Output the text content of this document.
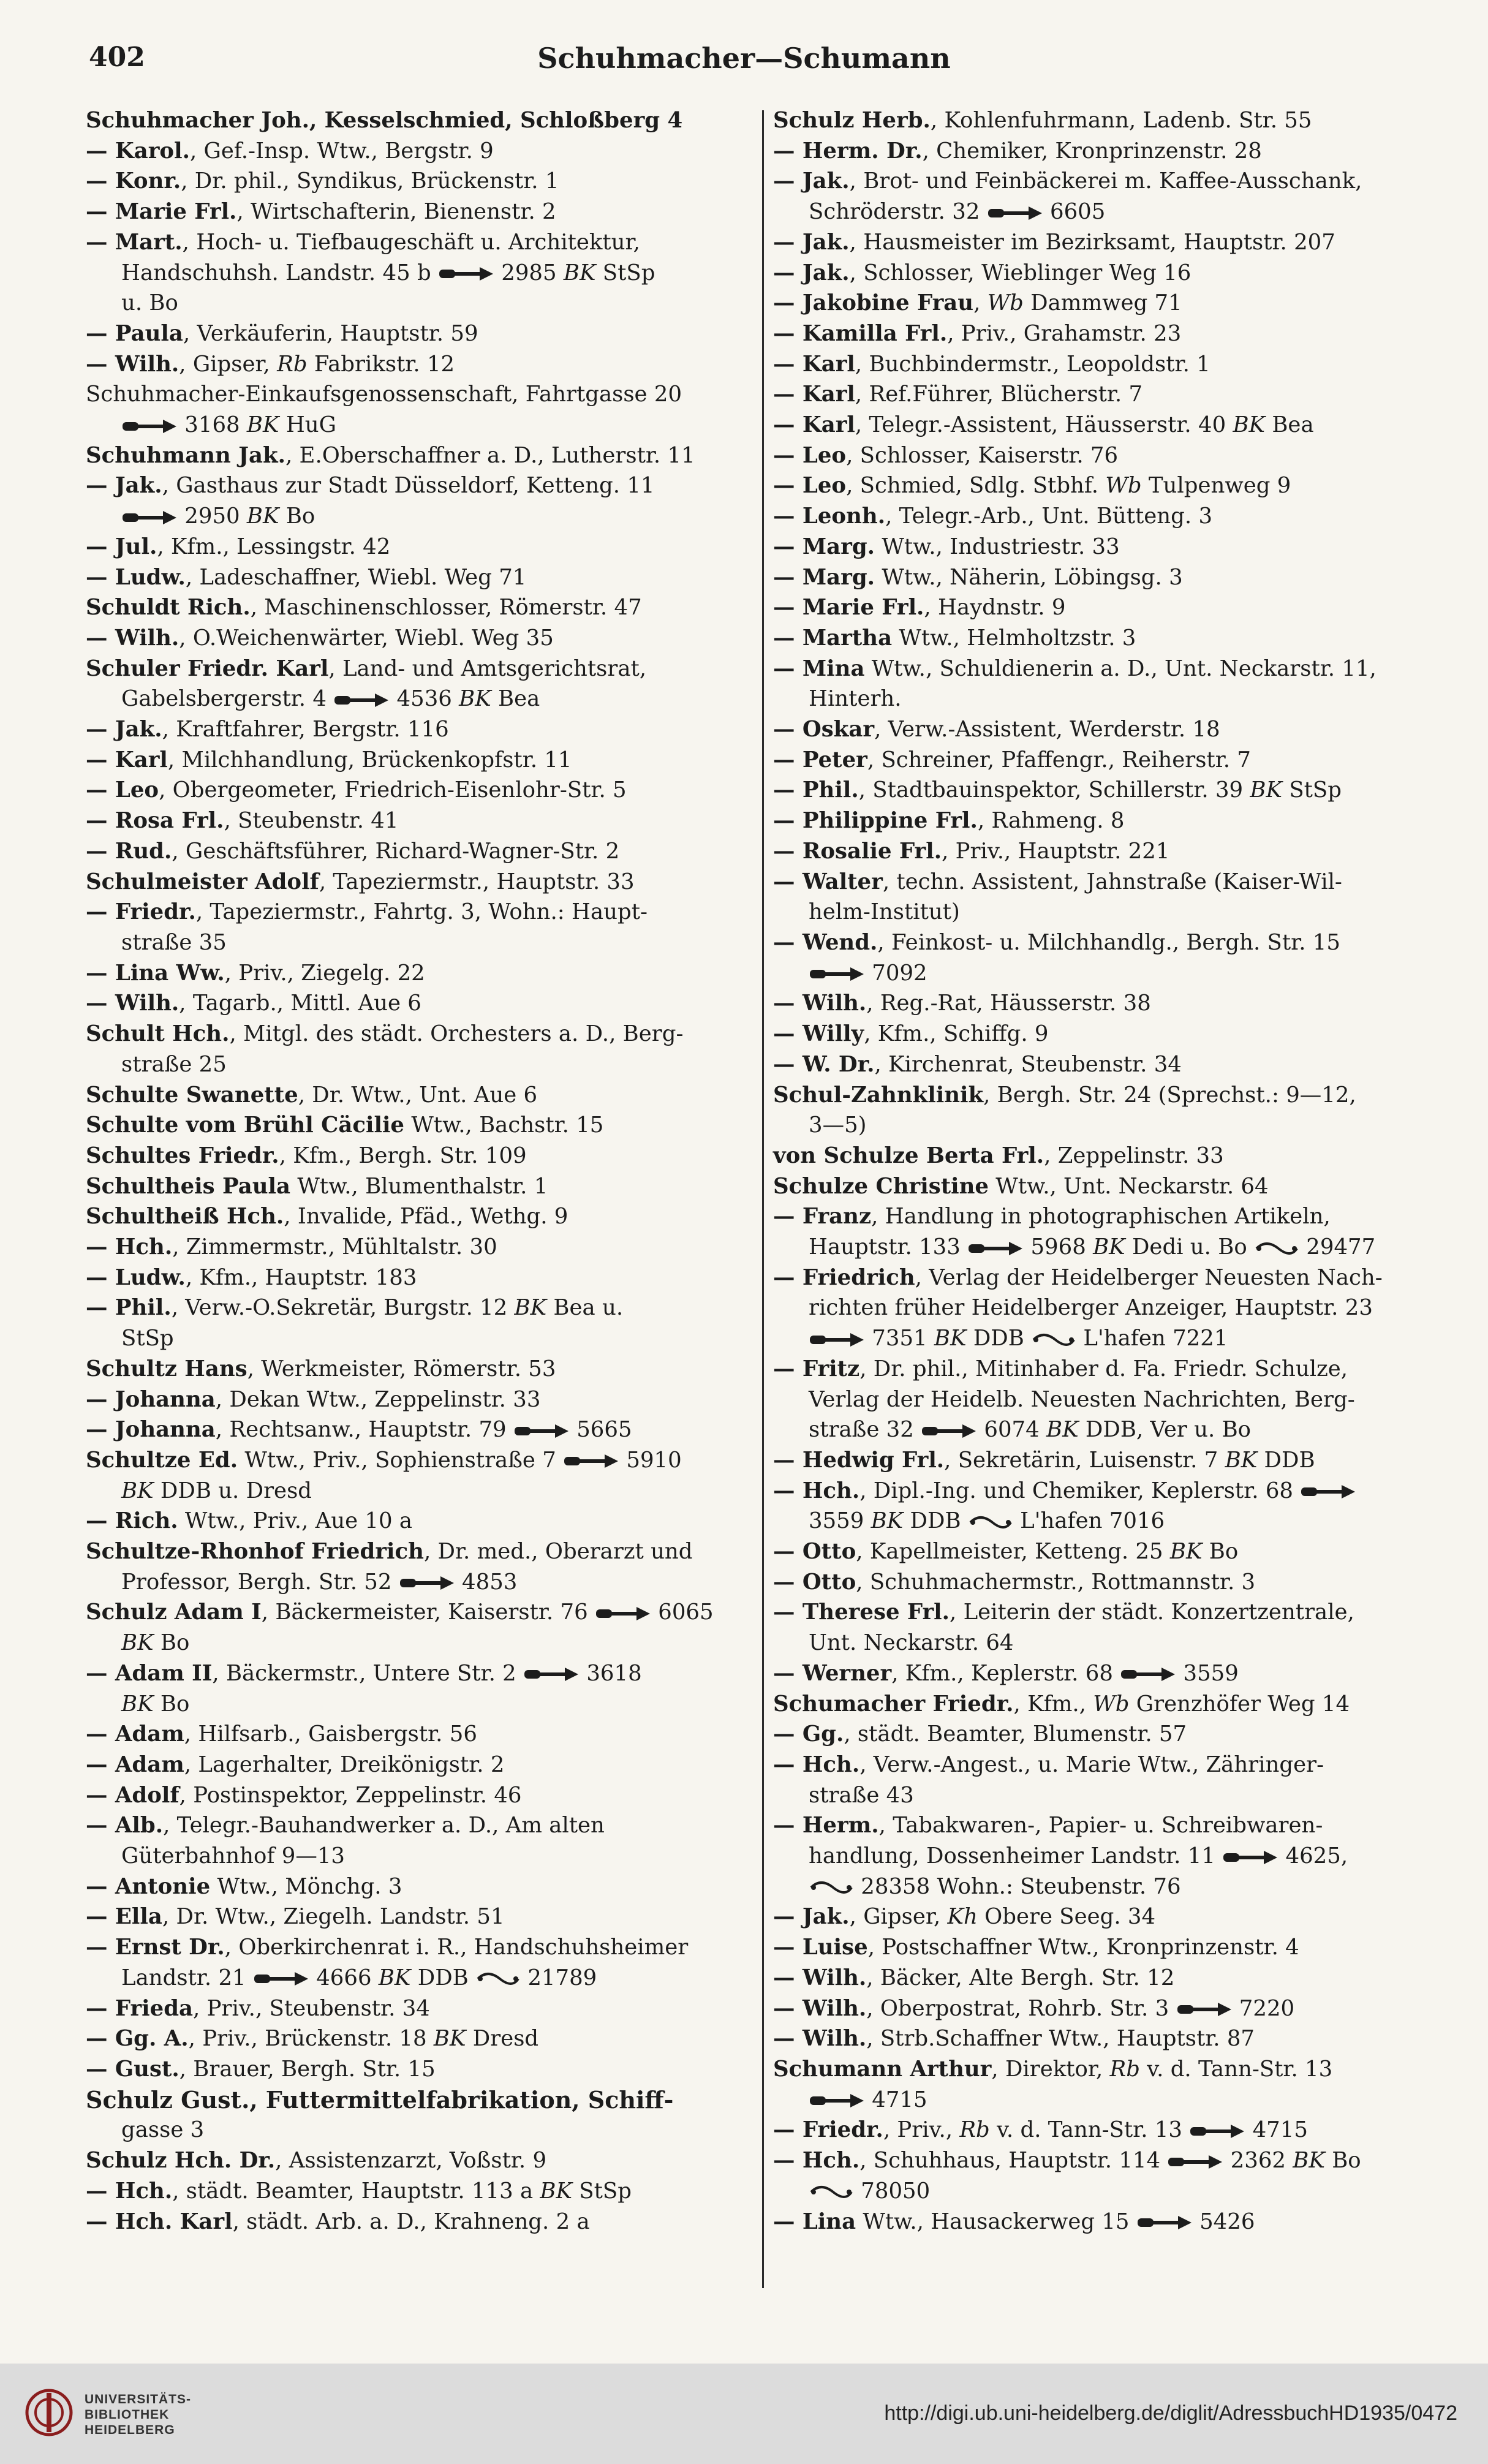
402	Schuhmacher—Schumann
Schuhmacher Joh., Kesselschmied, Schloßberg 4
— Karol., Gef.-Insp. Wtw., Bergstr. 9
— Konr., Dr. phil., Syndikus, Brückenstr. 1
— Marie Frl., Wirtschafterin, Bienenstr. 2
— Mart., Hoch- u. Tiefbaugeschäft u. Architektur,
Handschuhsh. Landstr. 45 b	2985 BK StSp
u. Bo
— Paula, Verkäuferin, Hauptstr. 59
— Wilh., Gipser, Rb Fabrikstr. 12
Schuhmacher-Einkaufsgenossenschaft, Fahrtgasse 20
3168 BK HuG
Schuhmann Jak., E.Oberschaffner a. D., Lutherstr. 11
— Jak., Gasthaus zur Stadt Düsseldorf, Ketteng. 11
2950 BK Bo
— Jul., Kfm., Lessingstr. 42
— Ludw., Ladeschaffner, Wiebl. Weg 71
Schuldt Rich., Maschinenschlosser, Römerstr. 47
— Wilh., O.Weichenwärter, Wiebl. Weg 35
Schuler Friedr. Karl, Land- und Amtsgerichtsrat,
Gabelsbergerstr. 4	4536 BK Bea
— Jak., Kraftfahrer, Bergstr. 116
— Karl, Milchhandlung, Brückenkopfstr. 11
— Leo, Obergeometer, Friedrich-Eisenlohr-Str. 5
— Rosa Frl., Steubenstr. 41
— Rud., Geschäftsführer, Richard-Wagner-Str. 2
Schulmeister Adolf, Tapeziermstr., Hauptstr. 33
— Friedr., Tapeziermstr., Fahrtg. 3, Wohn.: Haupt-
straße 35
— Lina Ww., Priv., Ziegelg. 22
— Wilh., Tagarb., Mittl. Aue 6
Schult Hch., Mitgl. des städt. Orchesters a. D., Berg-
straße 25
Schulte Swanette, Dr. Wtw., Unt. Aue 6
Schulte vom Brühl Cäcilie Wtw., Bachstr. 15
Schultes Friedr., Kfm., Bergh. Str. 109
Schultheis Paula Wtw., Blumenthalstr. 1
Schultheiß Hch., Invalide, Pfäd., Wethg. 9
— Hch., Zimmermstr., Mühltalstr. 30
— Ludw., Kfm., Hauptstr. 183
— Phil., Verw.-O.Sekretär, Burgstr. 12 BK Bea u.
StSp
Schultz Hans, Werkmeister, Römerstr. 53
— Johanna, Dekan Wtw., Zeppelinstr. 33
— Johanna, Rechtsanw., Hauptstr. 79	5665
Schultze Ed. Wtw., Priv., Sophienstraße 7	5910
BK DDB u. Dresd
— Rich. Wtw., Priv., Aue 10 a
Schultze-Rhonhof Friedrich, Dr. med., Oberarzt und
Professor, Bergh. Str. 52	4853
Schulz Adam I, Bäckermeister, Kaiserstr. 76	6065
BK Bo
— Adam II, Bäckermstr., Untere Str. 2	3618
BK Bo
— Adam, Hilfsarb., Gaisbergstr. 56
— Adam, Lagerhalter, Dreikönigstr. 2
— Adolf, Postinspektor, Zeppelinstr. 46
— Alb., Telegr.-Bauhandwerker a. D., Am alten
Güterbahnhof 9—13
— Antonie Wtw., Mönchg. 3
— Ella, Dr. Wtw., Ziegelh. Landstr. 51
— Ernst Dr., Oberkirchenrat i. R., Handschuhsheimer
Landstr. 21	4666 BK DDB
21789
— Frieda, Priv., Steubenstr. 34
— Gg. A., Priv., Brückenstr. 18 BK Dresd
— Gust., Brauer, Bergh. Str. 15
Schulz Gust., Futtermittelfabrikation, Schiff-
gasse 3
Schulz Hch. Dr., Assistenzarzt, Voßstr. 9
— Hch., städt. Beamter, Hauptstr. 113 a BK StSp
— Hch. Karl, städt. Arb. a. D., Krahneng. 2 a
Schulz Herb., Kohlenfuhrmann, Ladenb. Str. 55
— Herm. Dr., Chemiker, Kronprinzenstr. 28
— Jak., Brot- und Feinbäckerei m. Kaffee-Ausschank,
Schröderstr. 32	6605
— Jak., Hausmeister im Bezirksamt, Hauptstr. 207
— Jak., Schlosser, Wieblinger Weg 16
— Jakobine Frau, Wb Dammweg 71
— Kamilla Frl., Priv., Grahamstr. 23
— Karl, Buchbindermstr., Leopoldstr. 1
— Karl, Ref.Führer, Blücherstr. 7
— Karl, Telegr.-Assistent, Häusserstr. 40 BK Bea
— Leo, Schlosser, Kaiserstr. 76
— Leo, Schmied, Sdlg. Stbhf. Wb Tulpenweg 9
— Leonh., Telegr.-Arb., Unt. Bütteng. 3
— Marg. Wtw., Industriestr. 33
— Marg. Wtw., Näherin, Löbingsg. 3
— Marie Frl., Haydnstr. 9
— Martha Wtw., Helmholtzstr. 3
— Mina Wtw., Schuldienerin a. D., Unt. Neckarstr. 11,
Hinterh.
— Oskar, Verw.-Assistent, Werderstr. 18
— Peter, Schreiner, Pfaffengr., Reiherstr. 7
— Phil., Stadtbauinspektor, Schillerstr. 39 BK StSp
— Philippine Frl., Rahmeng. 8
— Rosalie Frl., Priv., Hauptstr. 221
— Walter, techn. Assistent, Jahnstraße (Kaiser-Wil-
helm-Institut)
— Wend., Feinkost- u. Milchhandlg., Bergh. Str. 15
7092
— Wilh., Reg.-Rat, Häusserstr. 38
— Willy, Kfm., Schiffg. 9
— W. Dr., Kirchenrat, Steubenstr. 34
Schul-Zahnklinik, Bergh. Str. 24 (Sprechst.: 9—12,
3—5)
von Schulze Berta Frl., Zeppelinstr. 33
Schulze Christine Wtw., Unt. Neckarstr. 64
— Franz, Handlung in photographischen Artikeln,
Hauptstr. 133	5968 BK Dedi u. Bo
29477
— Friedrich, Verlag der Heidelberger Neuesten Nach-
richten früher Heidelberger Anzeiger, Hauptstr. 23
7351 BK DDB
L'hafen 7221
— Fritz, Dr. phil., Mitinhaber d. Fa. Friedr. Schulze,
Verlag der Heidelb. Neuesten Nachrichten, Berg-
straße 32	6074 BK DDB, Ver u. Bo
— Hedwig Frl., Sekretärin, Luisenstr. 7 BK DDB
— Hch., Dipl.-Ing. und Chemiker, Keplerstr. 68
3559 BK DDB
L'hafen 7016
— Otto, Kapellmeister, Ketteng. 25 BK Bo
— Otto, Schuhmachermstr., Rottmannstr. 3
— Therese Frl., Leiterin der städt. Konzertzentrale,
Unt. Neckarstr. 64
— Werner, Kfm., Keplerstr. 68	3559
Schumacher Friedr., Kfm., Wb Grenzhöfer Weg 14
— Gg., städt. Beamter, Blumenstr. 57
— Hch., Verw.-Angest., u. Marie Wtw., Zähringer-
straße 43
— Herm., Tabakwaren-, Papier- u. Schreibwaren-
handlung, Dossenheimer Landstr. 11	4625,
28358 Wohn.: Steubenstr. 76
— Jak., Gipser, Kh Obere Seeg. 34
— Luise, Postschaffner Wtw., Kronprinzenstr. 4
— Wilh., Bäcker, Alte Bergh. Str. 12
— Wilh., Oberpostrat, Rohrb. Str. 3	7220
— Wilh., Strb.Schaffner Wtw., Hauptstr. 87
Schumann Arthur, Direktor, Rb v. d. Tann-Str. 13
4715
— Friedr., Priv., Rb v. d. Tann-Str. 13	4715
— Hch., Schuhhaus, Hauptstr. 114	2362 BK Bo
78050
— Lina Wtw., Hausackerweg 15	5426
UNIVERSITÄTS-
BIBLIOTHEK
HEIDELBERG
http://digi.ub.uni-heidelberg.de/diglit/AdressbuchHD1935/0472
